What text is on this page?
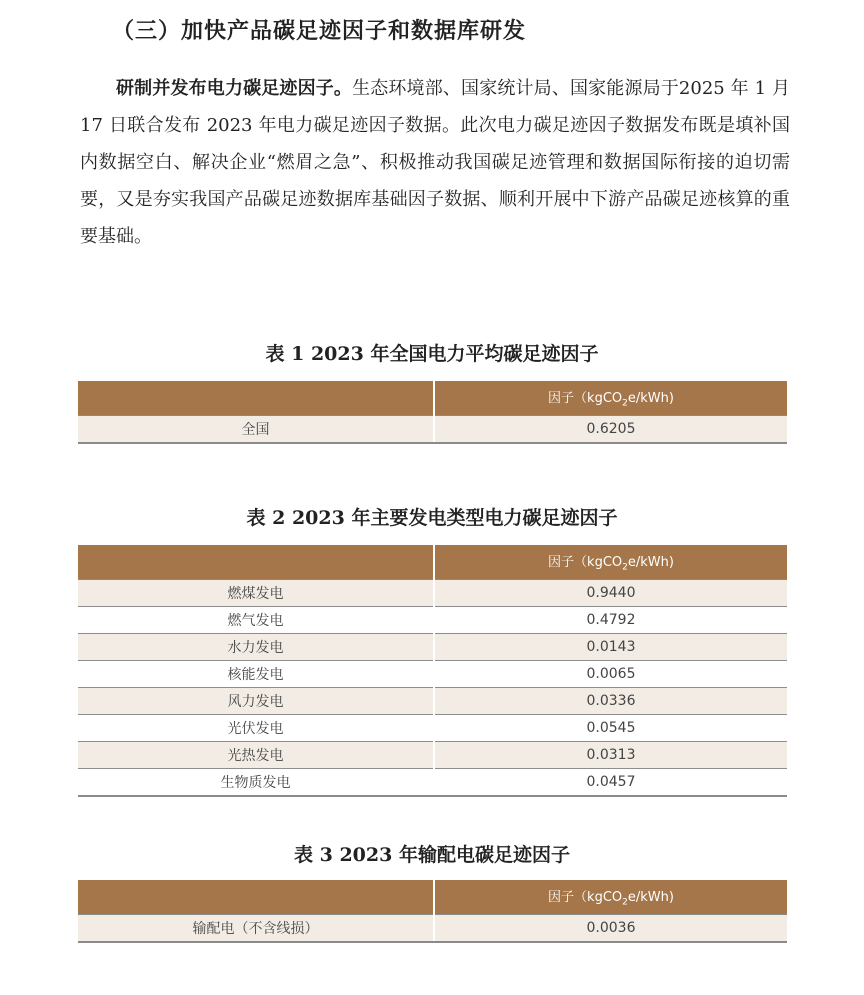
（三）加快产品碳足迹因子和数据库研发
研制并发布电力碳足迹因子。生态环境部、国家统计局、国家能源局于2025 年 1 月 17 日联合发布 2023 年电力碳足迹因子数据。此次电力碳足迹因子数据发布既是填补国内数据空白、解决企业“燃眉之急”、积极推动我国碳足迹管理和数据国际衔接的迫切需要，又是夯实我国产品碳足迹数据库基础因子数据、顺利开展中下游产品碳足迹核算的重要基础。
表 1 2023 年全国电力平均碳足迹因子
	因子（kgCO$_2$e/kWh)
全国	0.6205
表 2 2023 年主要发电类型电力碳足迹因子
	因子（kgCO$_2$e/kWh)
燃煤发电	0.9440
燃气发电	0.4792
水力发电	0.0143
核能发电	0.0065
风力发电	0.0336
光伏发电	0.0545
光热发电	0.0313
生物质发电	0.0457
表 3 2023 年输配电碳足迹因子
	因子（kgCO$_2$e/kWh)
输配电（不含线损）	0.0036
